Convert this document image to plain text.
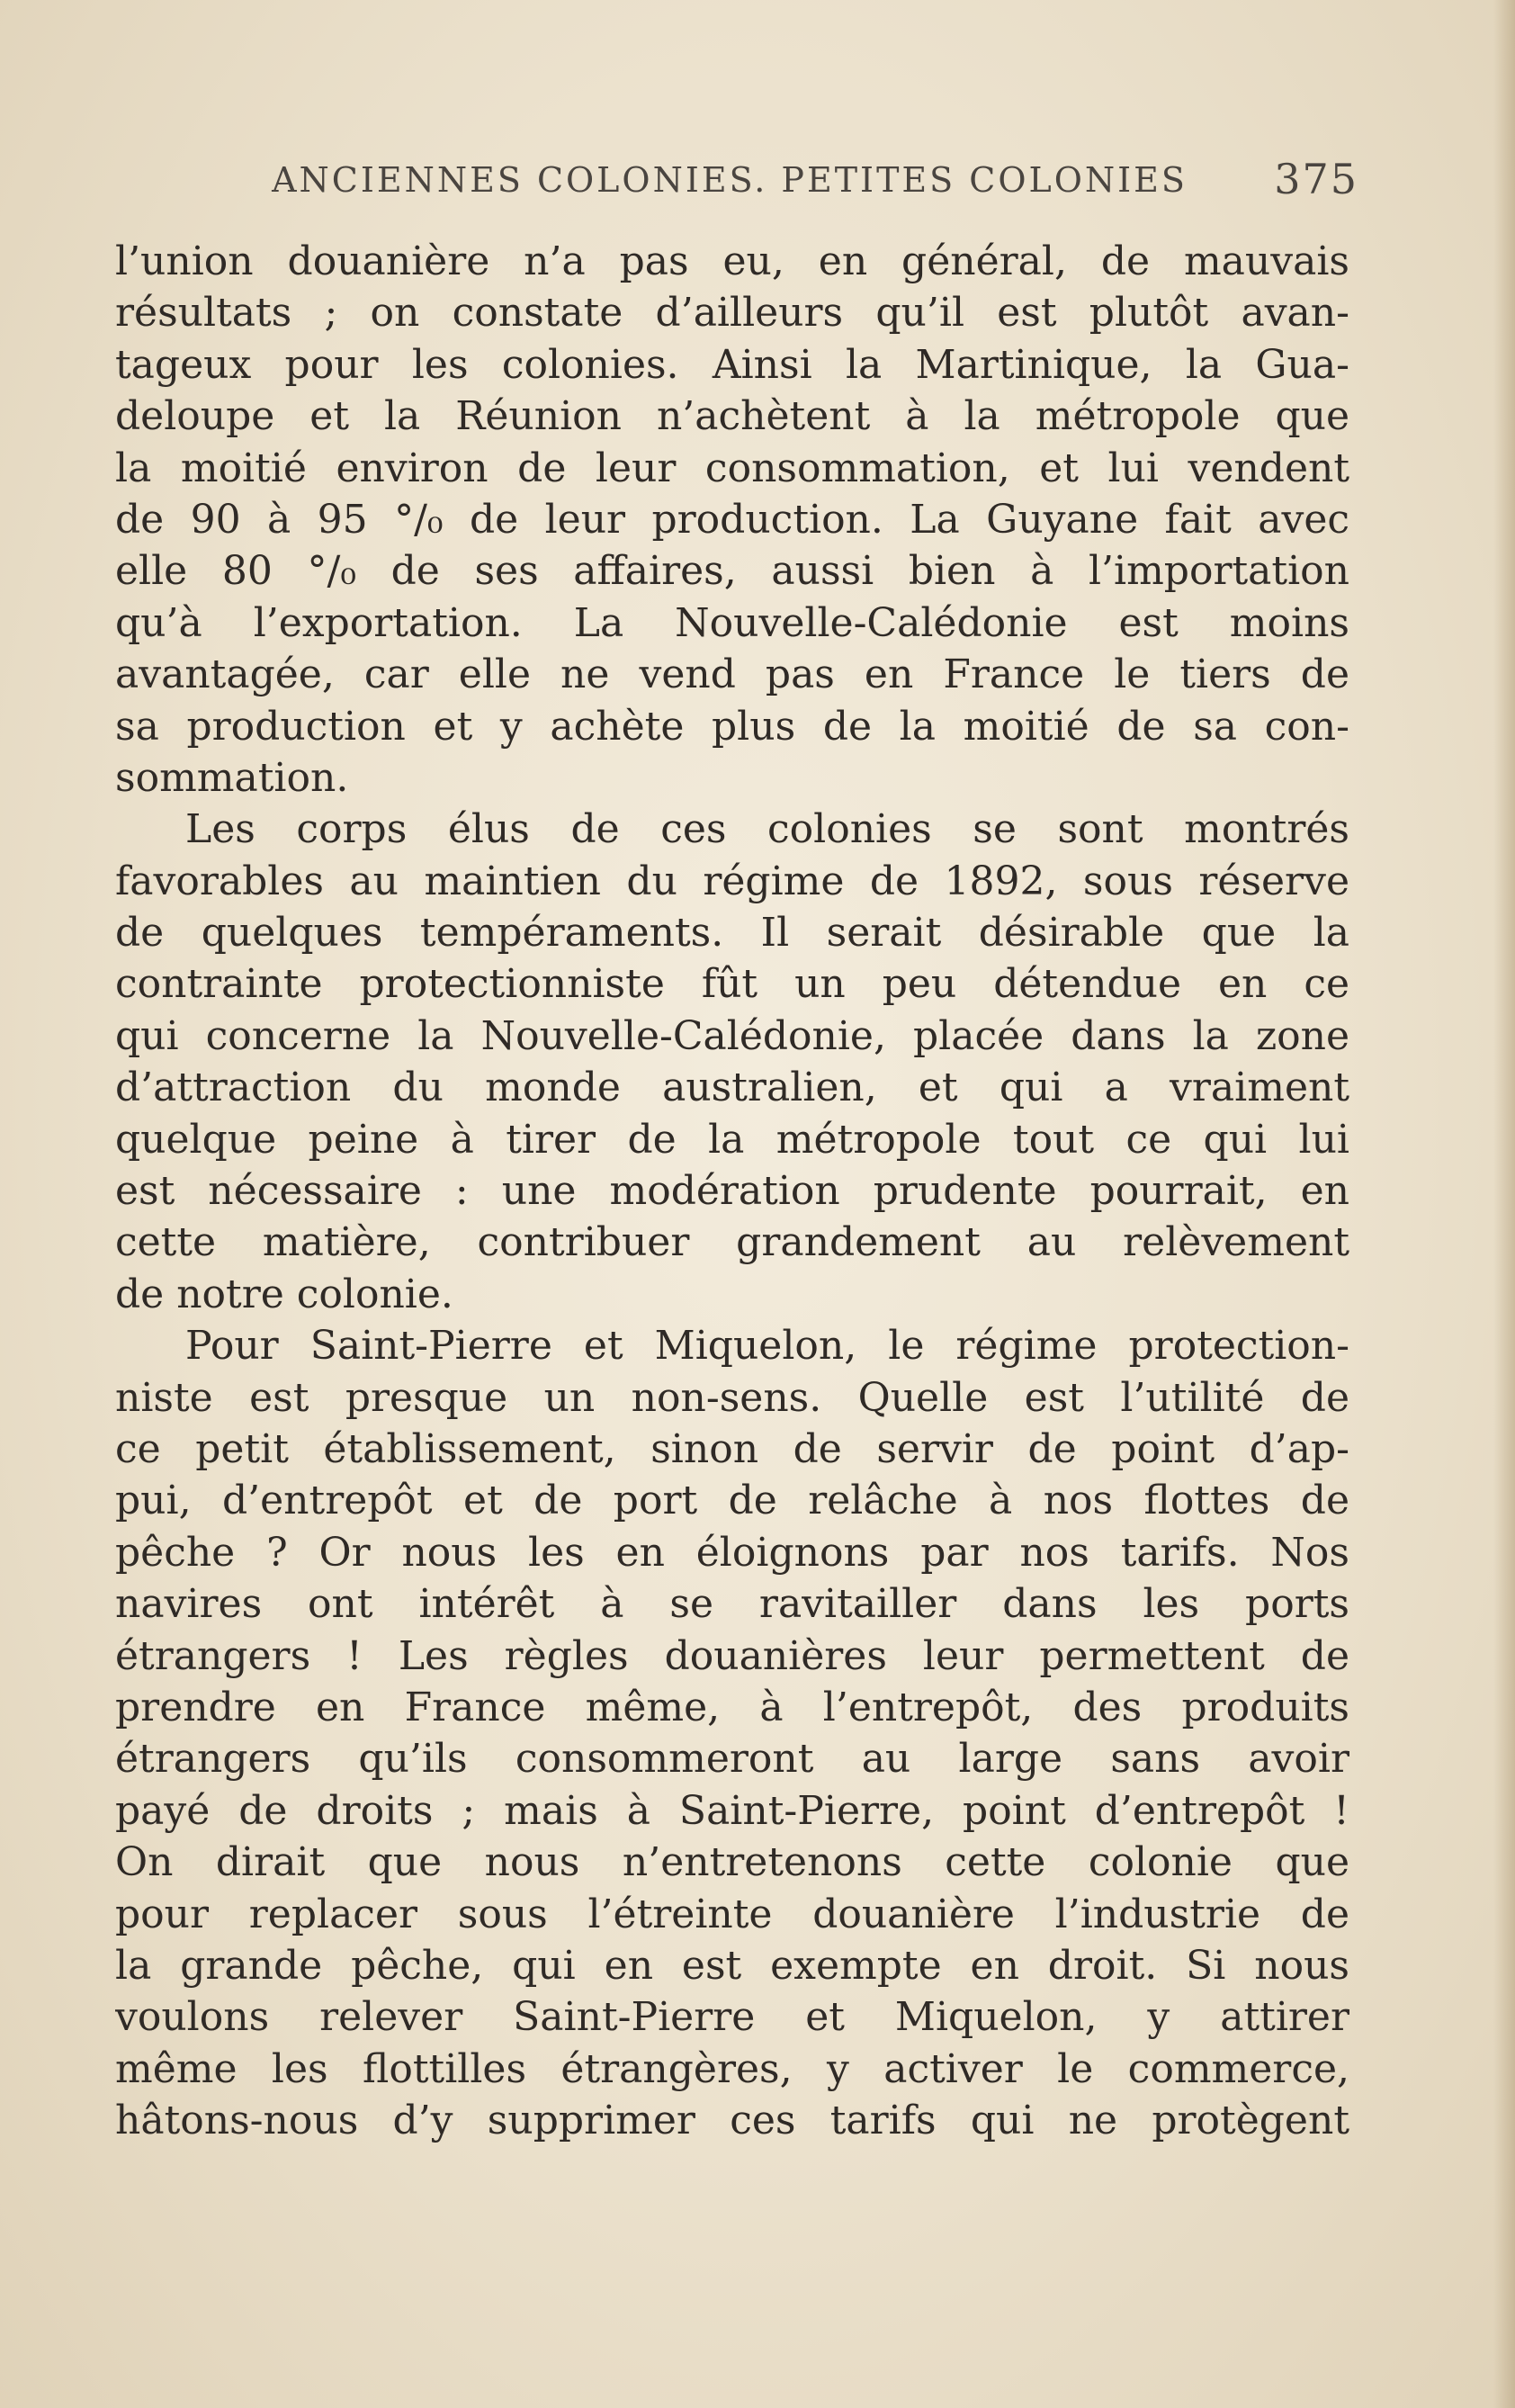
ANCIENNES COLONIES. PETITES COLONIES	375
l’union douanière n’a pas eu, en général, de mauvais
résultats ; on constate d’ailleurs qu’il est plutôt avan-
tageux pour les colonies. Ainsi la Martinique, la Gua-
deloupe et la Réunion n’achètent à la métropole que
la moitié environ de leur consommation, et lui vendent
de 90 à 95 °/₀ de leur production. La Guyane fait avec
elle 80 °/₀ de ses affaires, aussi bien à l’importation
qu’à l’exportation. La Nouvelle-Calédonie est moins
avantagée, car elle ne vend pas en France le tiers de
sa production et y achète plus de la moitié de sa con-
sommation.
Les corps élus de ces colonies se sont montrés
favorables au maintien du régime de 1892, sous réserve
de quelques tempéraments. Il serait désirable que la
contrainte protectionniste fût un peu détendue en ce
qui concerne la Nouvelle-Calédonie, placée dans la zone
d’attraction du monde australien, et qui a vraiment
quelque peine à tirer de la métropole tout ce qui lui
est nécessaire : une modération prudente pourrait, en
cette matière, contribuer grandement au relèvement
de notre colonie.
Pour Saint-Pierre et Miquelon, le régime protection-
niste est presque un non-sens. Quelle est l’utilité de
ce petit établissement, sinon de servir de point d’ap-
pui, d’entrepôt et de port de relâche à nos flottes de
pêche ? Or nous les en éloignons par nos tarifs. Nos
navires ont intérêt à se ravitailler dans les ports
étrangers ! Les règles douanières leur permettent de
prendre en France même, à l’entrepôt, des produits
étrangers qu’ils consommeront au large sans avoir
payé de droits ; mais à Saint-Pierre, point d’entrepôt !
On dirait que nous n’entretenons cette colonie que
pour replacer sous l’étreinte douanière l’industrie de
la grande pêche, qui en est exempte en droit. Si nous
voulons relever Saint-Pierre et Miquelon, y attirer
même les flottilles étrangères, y activer le commerce,
hâtons-nous d’y supprimer ces tarifs qui ne protègent
